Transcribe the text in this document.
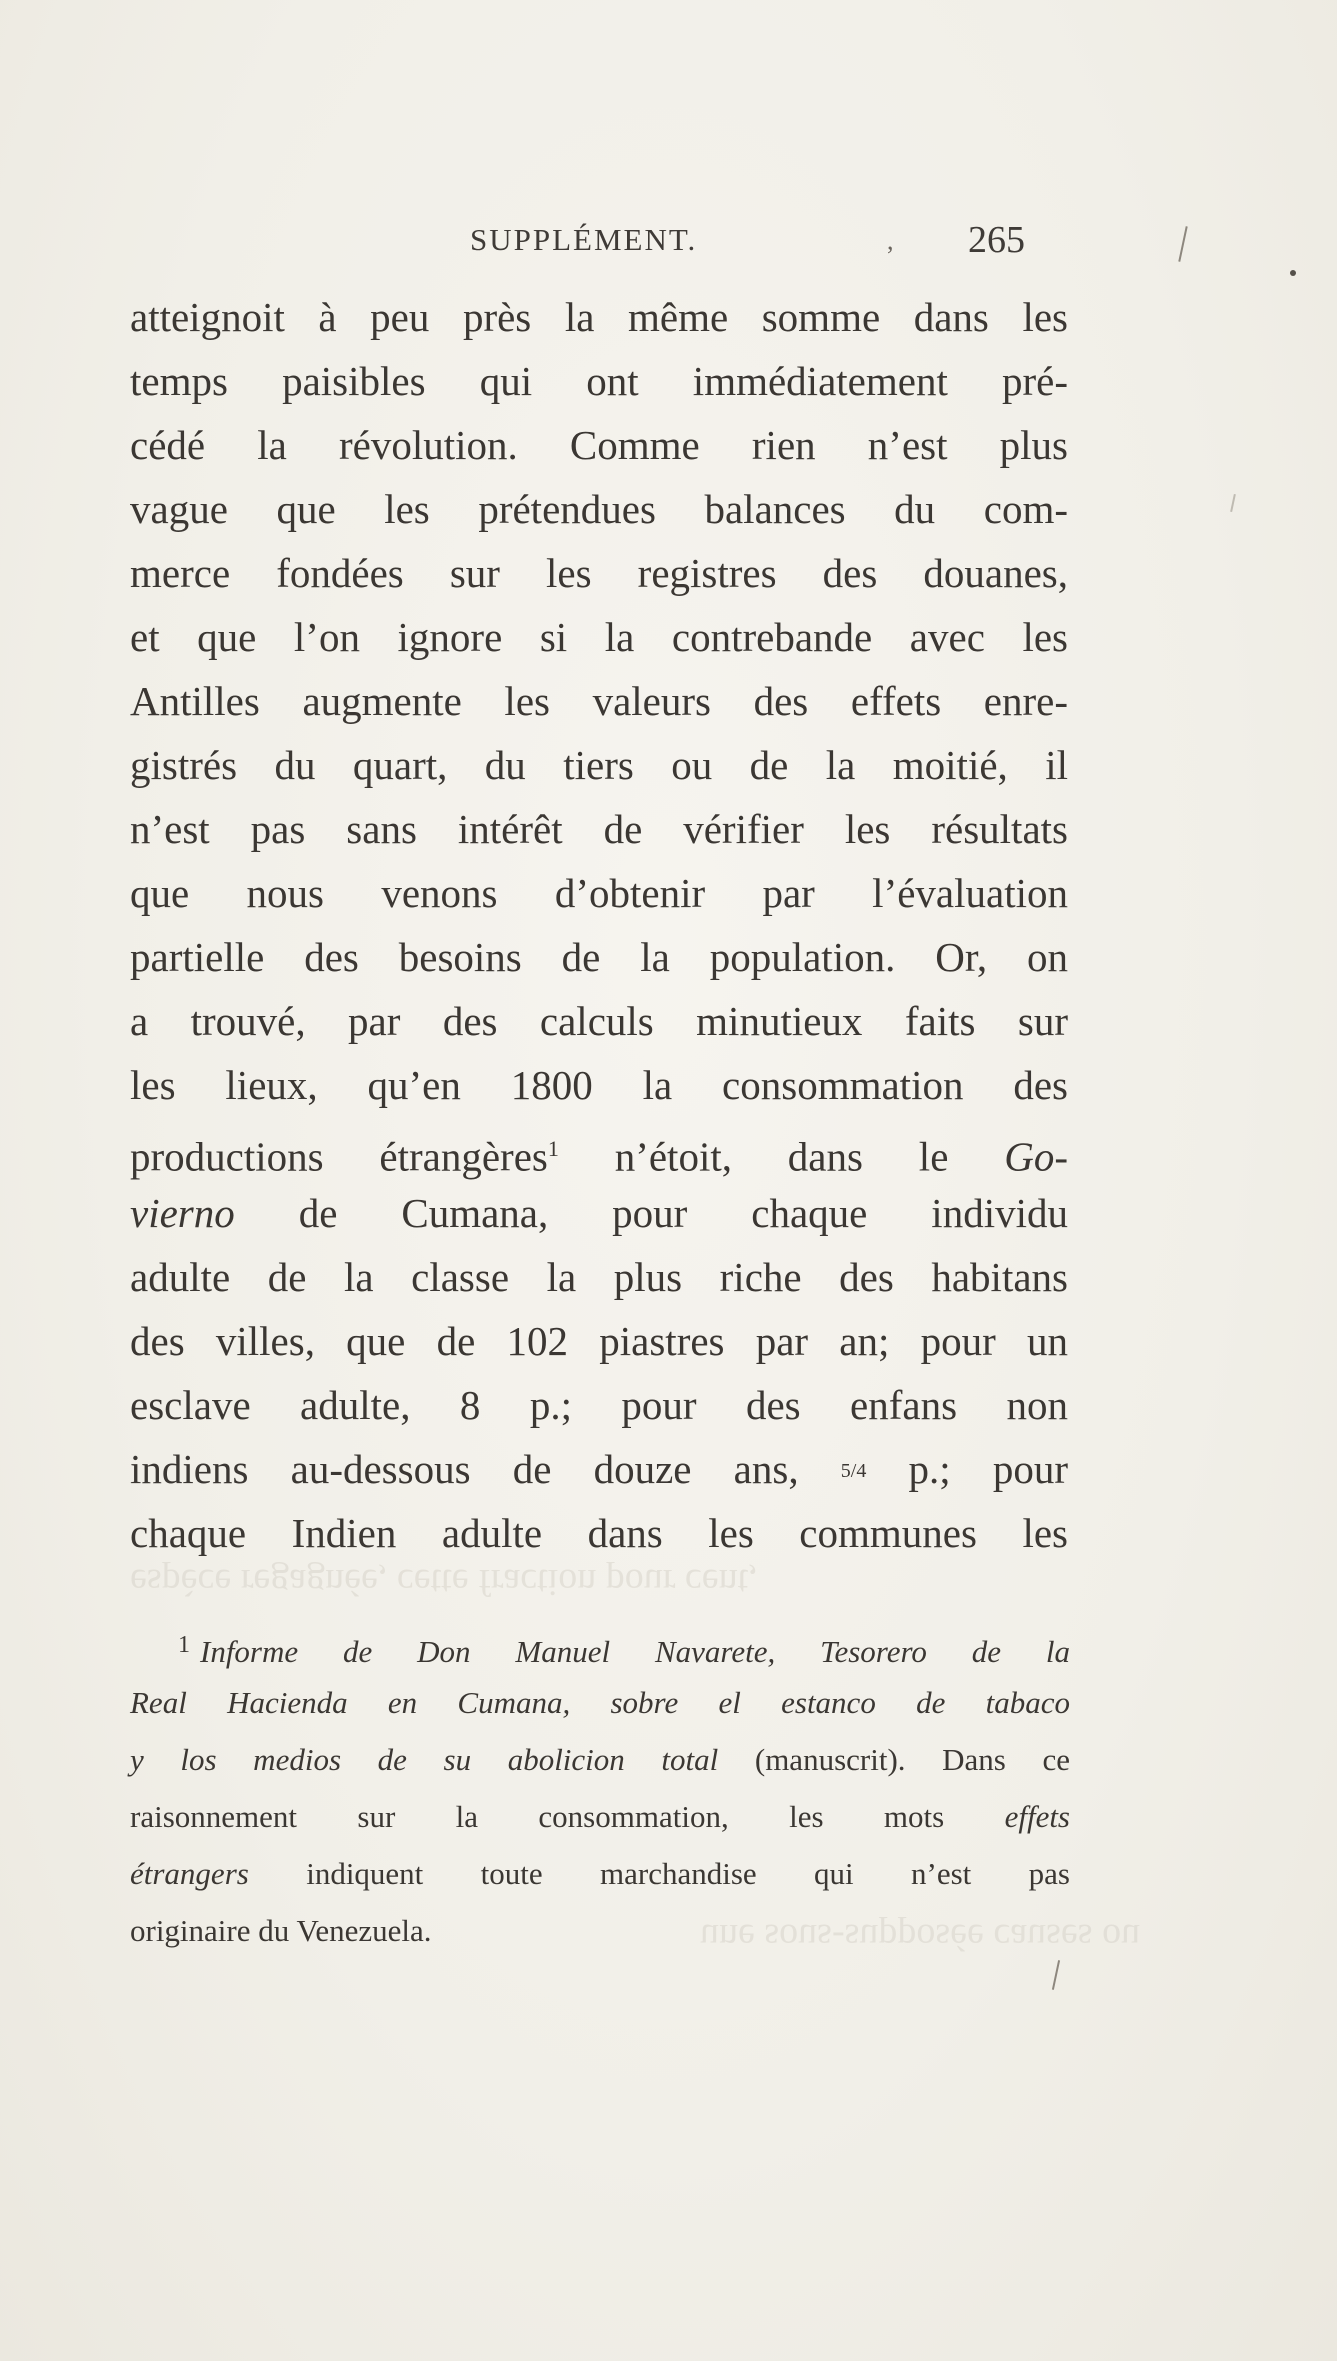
SUPPLÉMENT.	, 265
atteignoit à peu près la même somme dans les
temps paisibles qui ont immédiatement pré-
cédé la révolution. Comme rien n’est plus
vague que les prétendues balances du com-
merce fondées sur les registres des douanes,
et que l’on ignore si la contrebande avec les
Antilles augmente les valeurs des effets enre-
gistrés du quart, du tiers ou de la moitié, il
n’est pas sans intérêt de vérifier les résultats
que nous venons d’obtenir par l’évaluation
partielle des besoins de la population. Or, on
a trouvé, par des calculs minutieux faits sur
les lieux, qu’en 1800 la consommation des
productions étrangères$^1$ n’étoit, dans le Go-
vierno de Cumana, pour chaque individu
adulte de la classe la plus riche des habitans
des villes, que de 102 piastres par an; pour un
esclave adulte, 8 p.; pour des enfans non
indiens au-dessous de douze ans, 5/4 p.; pour
chaque Indien adulte dans les communes les
espèce regagnée, cette fraction pour cent,
une sous-supposée causes ou
$^1$ Informe de Don Manuel Navarete, Tesorero de la
Real Hacienda en Cumana, sobre el estanco de tabaco
y los medios de su abolicion total (manuscrit). Dans ce
raisonnement sur la consommation, les mots effets
étrangers indiquent toute marchandise qui n’est pas
originaire du Venezuela.
